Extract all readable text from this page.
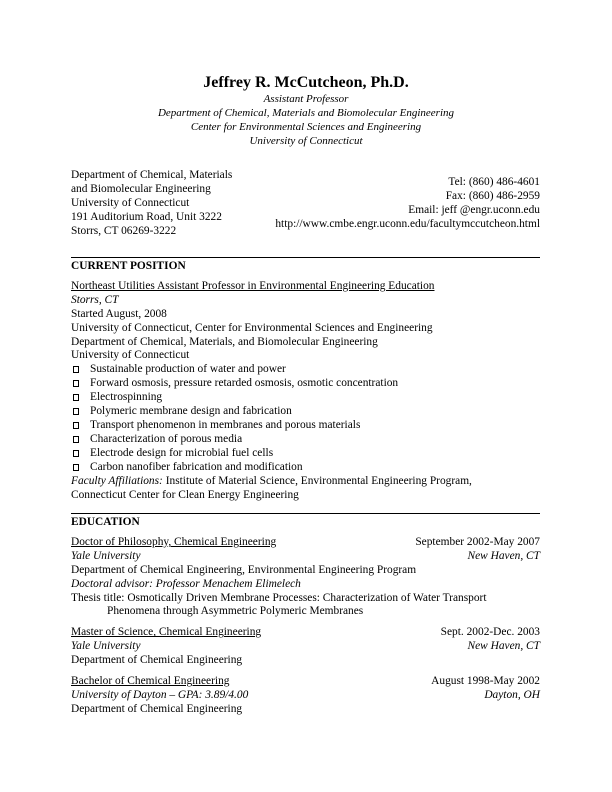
Jeffrey R. McCutcheon, Ph.D.
Assistant Professor
Department of Chemical, Materials and Biomolecular Engineering
Center for Environmental Sciences and Engineering
University of Connecticut
Department of Chemical, Materials
and Biomolecular Engineering
University of Connecticut
191 Auditorium Road, Unit 3222
Storrs, CT 06269-3222
Tel: (860) 486-4601
Fax: (860) 486-2959
Email: jeff @engr.uconn.edu
http://www.cmbe.engr.uconn.edu/facultymccutcheon.html
CURRENT POSITION
Northeast Utilities Assistant Professor in Environmental Engineering Education
Storrs, CT
Started August, 2008
University of Connecticut, Center for Environmental Sciences and Engineering
Department of Chemical, Materials, and Biomolecular Engineering
University of Connecticut
Sustainable production of water and power
Forward osmosis, pressure retarded osmosis, osmotic concentration
Electrospinning
Polymeric membrane design and fabrication
Transport phenomenon in membranes and porous materials
Characterization of porous media
Electrode design for microbial fuel cells
Carbon nanofiber fabrication and modification
Faculty Affiliations: Institute of Material Science, Environmental Engineering Program,
Connecticut Center for Clean Energy Engineering
EDUCATION
Doctor of Philosophy, Chemical Engineering	September 2002-May 2007
Yale University	New Haven, CT
Department of Chemical Engineering, Environmental Engineering Program
Doctoral advisor: Professor Menachem Elimelech
Thesis title: Osmotically Driven Membrane Processes: Characterization of Water Transport
Phenomena through Asymmetric Polymeric Membranes
Master of Science, Chemical Engineering	Sept. 2002-Dec. 2003
Yale University	New Haven, CT
Department of Chemical Engineering
Bachelor of Chemical Engineering	August 1998-May 2002
University of Dayton – GPA: 3.89/4.00	Dayton, OH
Department of Chemical Engineering
